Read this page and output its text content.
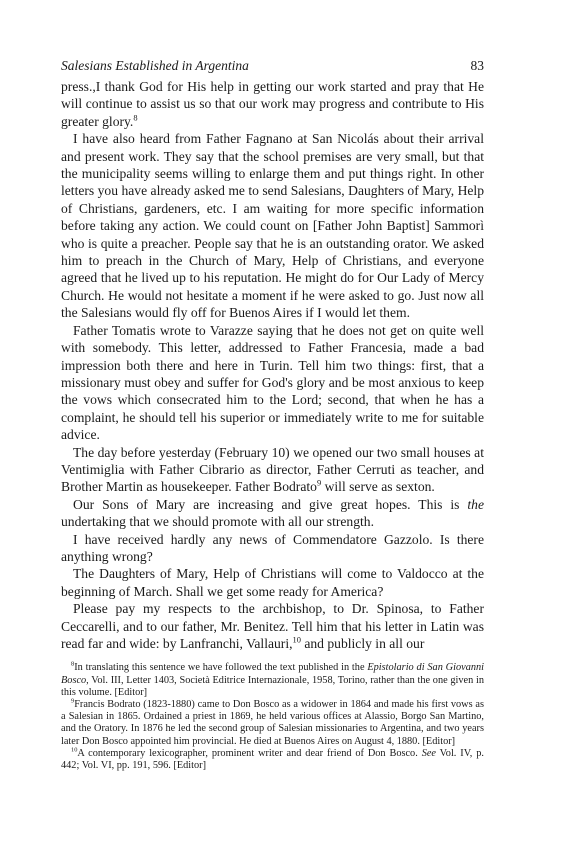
Salesians Established in Argentina	83

press.,I thank God for His help in getting our work started and pray that He will continue to assist us so that our work may progress and contribute to His greater glory.$^8$

I have also heard from Father Fagnano at San Nicolás about their arrival and present work. They say that the school premises are very small, but that the municipality seems willing to enlarge them and put things right. In other letters you have already asked me to send Salesians, Daughters of Mary, Help of Christians, gardeners, etc. I am waiting for more specific information before taking any action. We could count on [Father John Baptist] Sammorì who is quite a preacher. People say that he is an outstanding orator. We asked him to preach in the Church of Mary, Help of Christians, and everyone agreed that he lived up to his reputation. He might do for Our Lady of Mercy Church. He would not hesitate a moment if he were asked to go. Just now all the Salesians would fly off for Buenos Aires if I would let them.

Father Tomatis wrote to Varazze saying that he does not get on quite well with somebody. This letter, addressed to Father Francesia, made a bad impression both there and here in Turin. Tell him two things: first, that a missionary must obey and suffer for God's glory and be most anxious to keep the vows which consecrated him to the Lord; second, that when he has a complaint, he should tell his superior or immediately write to me for suitable advice.

The day before yesterday (February 10) we opened our two small houses at Ventimiglia with Father Cibrario as director, Father Cerruti as teacher, and Brother Martin as housekeeper. Father Bodrato$^9$ will serve as sexton.

Our Sons of Mary are increasing and give great hopes. This is the undertaking that we should promote with all our strength.

I have received hardly any news of Commendatore Gazzolo. Is there anything wrong?

The Daughters of Mary, Help of Christians will come to Valdocco at the beginning of March. Shall we get some ready for America?

Please pay my respects to the archbishop, to Dr. Spinosa, to Father Ceccarelli, and to our father, Mr. Benitez. Tell him that his letter in Latin was read far and wide: by Lanfranchi, Vallauri,$^{10}$ and publicly in all our

$^8$In translating this sentence we have followed the text published in the Epistolario di San Giovanni Bosco, Vol. III, Letter 1403, Società Editrice Internazionale, 1958, Torino, rather than the one given in this volume. [Editor]

$^9$Francis Bodrato (1823-1880) came to Don Bosco as a widower in 1864 and made his first vows as a Salesian in 1865. Ordained a priest in 1869, he held various offices at Alassio, Borgo San Martino, and the Oratory. In 1876 he led the second group of Salesian missionaries to Argentina, and two years later Don Bosco appointed him provincial. He died at Buenos Aires on August 4, 1880. [Editor]

$^{10}$A contemporary lexicographer, prominent writer and dear friend of Don Bosco. See Vol. IV, p. 442; Vol. VI, pp. 191, 596. [Editor]
